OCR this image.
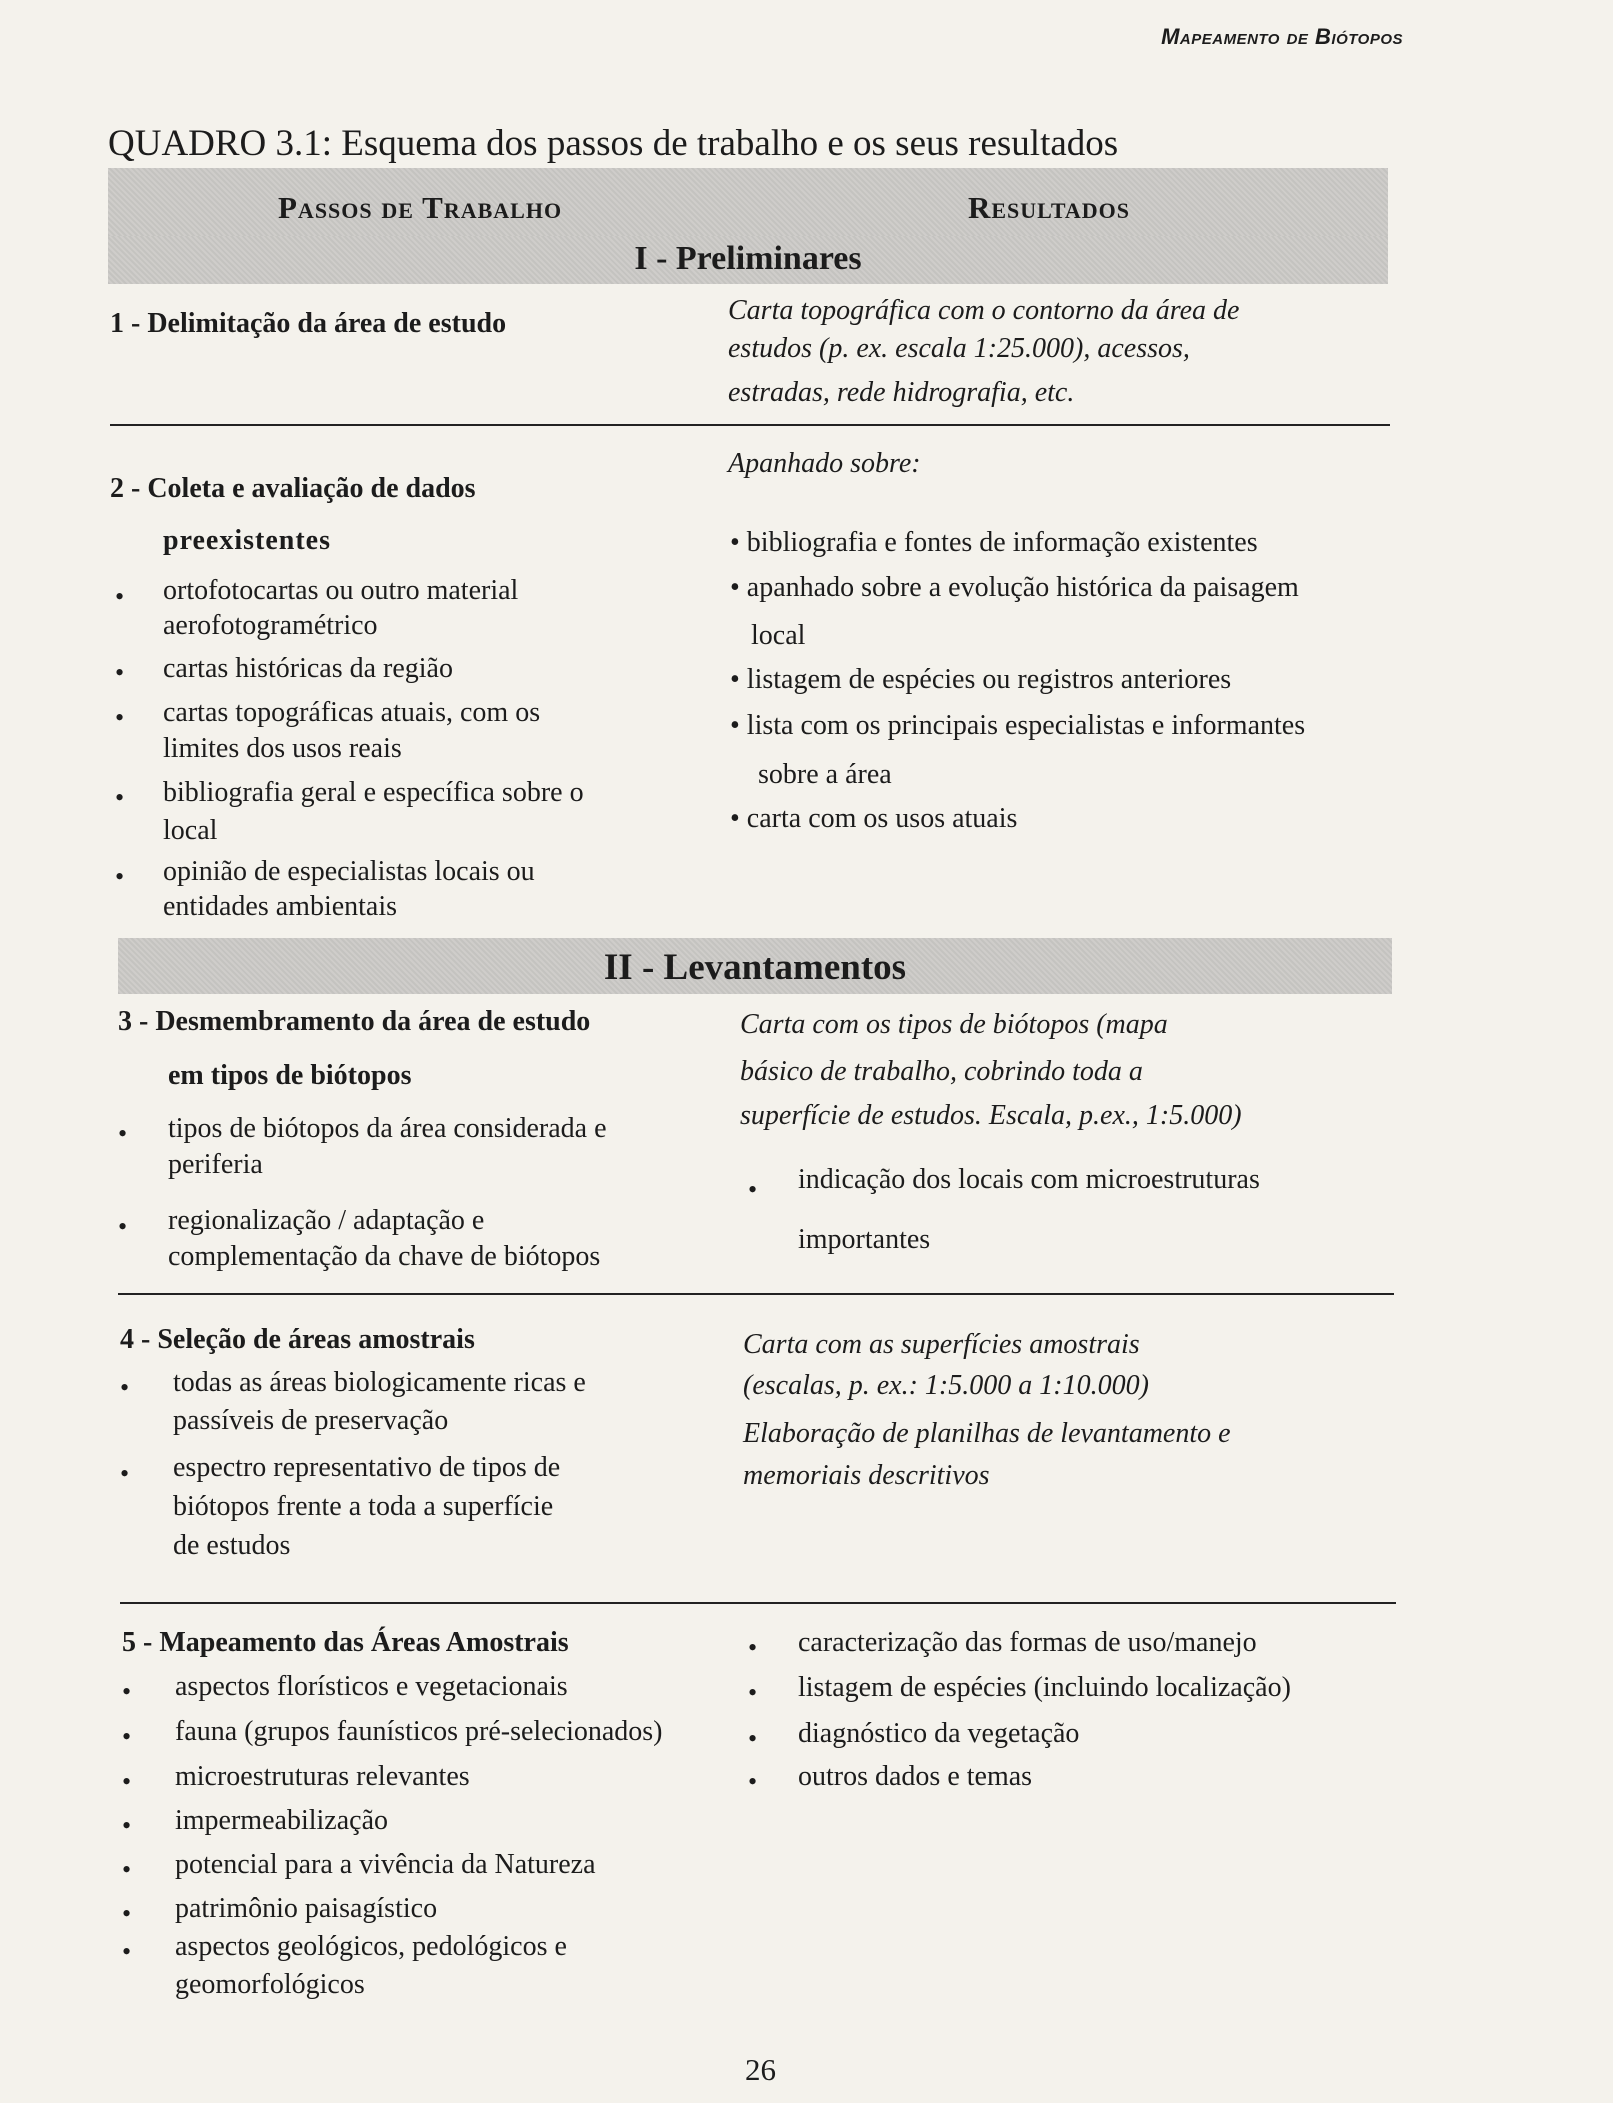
Mapeamento de Biótopos
QUADRO 3.1: Esquema dos passos de trabalho e os seus resultados
Passos de Trabalho	Resultados
I - Preliminares
1 - Delimitação da área de estudo	Carta topográfica com o contorno da área de
estudos (p. ex. escala 1:25.000), acessos,
estradas, rede hidrografia, etc.
2 - Coleta e avaliação de dados
preexistentes
• ortofotocartas ou outro material
aerofotogramétrico
• cartas históricas da região
• cartas topográficas atuais, com os
limites dos usos reais
• bibliografia geral e específica sobre o
local
• opinião de especialistas locais ou
entidades ambientais
Apanhado sobre:
• bibliografia e fontes de informação existentes
• apanhado sobre a evolução histórica da paisagem
local
• listagem de espécies ou registros anteriores
• lista com os principais especialistas e informantes
sobre a área
• carta com os usos atuais
II - Levantamentos
3 - Desmembramento da área de estudo
em tipos de biótopos
• tipos de biótopos da área considerada e
periferia
• regionalização / adaptação e
complementação da chave de biótopos
Carta com os tipos de biótopos (mapa
básico de trabalho, cobrindo toda a
superfície de estudos. Escala, p.ex., 1:5.000)
• indicação dos locais com microestruturas
importantes
4 - Seleção de áreas amostrais
• todas as áreas biologicamente ricas e
passíveis de preservação
• espectro representativo de tipos de
biótopos frente a toda a superfície
de estudos
Carta com as superfícies amostrais
(escalas, p. ex.: 1:5.000 a 1:10.000)
Elaboração de planilhas de levantamento e
memoriais descritivos
5 - Mapeamento das Áreas Amostrais
• aspectos florísticos e vegetacionais
• fauna (grupos faunísticos pré-selecionados)
• microestruturas relevantes
• impermeabilização
• potencial para a vivência da Natureza
• patrimônio paisagístico
• aspectos geológicos, pedológicos e
geomorfológicos
• caracterização das formas de uso/manejo
• listagem de espécies (incluindo localização)
• diagnóstico da vegetação
• outros dados e temas
26
